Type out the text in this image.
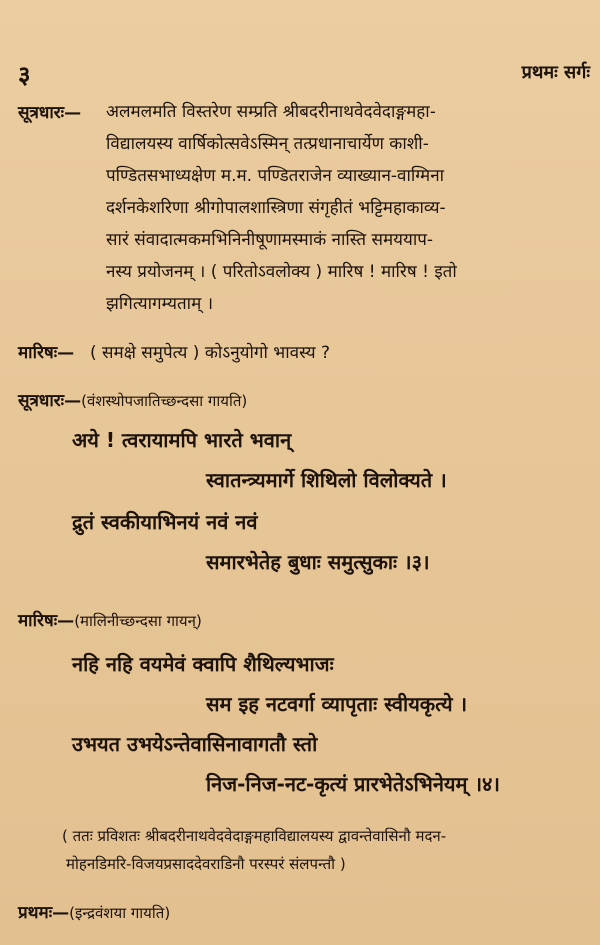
३	प्रथमः सर्गः
सूत्रधारः— अलमलमति विस्तरेण सम्प्रति श्रीबदरीनाथवेदवेदाङ्गमहा-
विद्यालयस्य वार्षिकोत्सवेऽस्मिन् तत्प्रधानाचार्येण काशी-
पण्डितसभाध्यक्षेण म.म. पण्डितराजेन व्याख्यान-वाग्मिना
दर्शनकेशरिणा श्रीगोपालशास्त्रिणा संगृहीतं भट्टिमहाकाव्य-
सारं संवादात्मकमभिनिनीषूणामस्माकं नास्ति समययाप-
नस्य प्रयोजनम् । ( परितोऽवलोक्य ) मारिष ! मारिष ! इतो
झगित्यागम्यताम् ।
मारिषः— ( समक्षे समुपेत्य ) कोऽनुयोगो भावस्य ?
सूत्रधारः—(वंशस्थोपजातिच्छन्दसा गायति)
अये ! त्वरायामपि भारते भवान्
स्वातन्त्र्यमार्गे शिथिलो विलोक्यते ।
द्रुतं स्वकीयाभिनयं नवं नवं
समारभेतेह बुधाः समुत्सुकाः ।३।
मारिषः—(मालिनीच्छन्दसा गायन्)
नहि नहि वयमेवं क्वापि शैथिल्यभाजः
सम इह नटवर्गा व्यापृताः स्वीयकृत्ये ।
उभयत उभयेऽन्तेवासिनावागतौ स्तो
निज-निज-नट-कृत्यं प्रारभेतेऽभिनेयम् ।४।
( ततः प्रविशतः श्रीबदरीनाथवेदवेदाङ्गमहाविद्यालयस्य द्वावन्तेवासिनौ मदन-
मोहनडिमरि-विजयप्रसाददेवराडिनौ परस्परं संलपन्तौ )
प्रथमः—(इन्द्रवंशया गायति)
